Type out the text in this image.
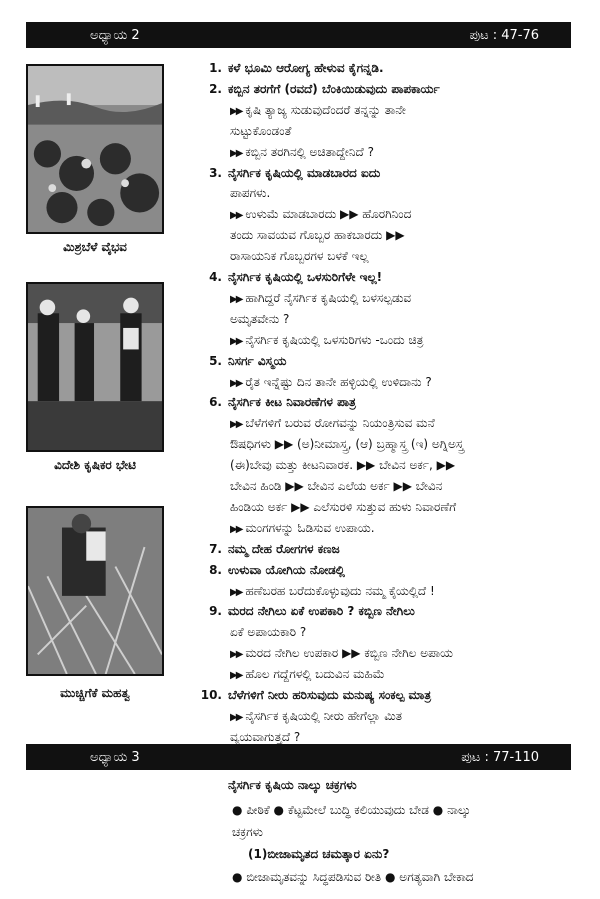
ಅಧ್ಯಾಯ 2	ಪುಟ : 47-76
ಮಿಶ್ರಬೆಳೆ ವೈಭವ
ವಿದೇಶಿ ಕೃಷಿಕರ ಭೇಟಿ
ಮುಚ್ಚಿಗೆಕೆ ಮಹತ್ವ
1. ಕಳೆ ಭೂಮಿ ಆರೋಗ್ಯ ಹೇಳುವ ಕೈಗನ್ನಡಿ.
2. ಕಬ್ಬಿನ ತರಗೆಗೆ (ರವದೆ) ಬೆಂಕಿಯಿಡುವುದು ಪಾಪಕಾರ್ಯ
▶▶ ಕೃಷಿ ತ್ಯಾಜ್ಯ ಸುಡುವುದೆಂದರೆ ತನ್ನನ್ನು ತಾನೇ
ಸುಟ್ಟುಕೊಂಡಂತೆ
▶▶ ಕಬ್ಬಿನ ತರಗಿನಲ್ಲಿ ಅಚಿತಾದ್ದೇನಿದೆ ?
3. ನೈಸರ್ಗಿಕ ಕೃಷಿಯಲ್ಲಿ ಮಾಡಬಾರದ ಐದು
ಪಾಪಗಳು.
▶▶ ಉಳುಮೆ ಮಾಡಬಾರದು ▶▶ ಹೊರಗಿನಿಂದ
ತಂದು ಸಾವಯವ ಗೊಬ್ಬರ ಹಾಕಬಾರದು ▶▶
ರಾಸಾಯನಿಕ ಗೊಬ್ಬರಗಳ ಬಳಕೆ ಇಲ್ಲ
4. ನೈಸರ್ಗಿಕ ಕೃಷಿಯಲ್ಲಿ ಒಳಸುರಿಗೆಳೇ ಇಲ್ಲ!
▶▶ ಹಾಗಿದ್ದರೆ ನೈಸರ್ಗಿಕ ಕೃಷಿಯಲ್ಲಿ ಬಳಸಲ್ಪಡುವ
ಅಮೃತವೇನು ?
▶▶ ನೈಸರ್ಗಿಕ ಕೃಷಿಯಲ್ಲಿ ಒಳಸುರಿಗಳು -ಒಂದು ಚಿತ್ರ
5. ನಿಸರ್ಗ ವಿಸ್ಮಯ
▶▶ ರೈತ ಇನ್ನೆಷ್ಟು ದಿನ ತಾನೇ ಹಳ್ಳಿಯಲ್ಲಿ ಉಳಿದಾನು ?
6. ನೈಸರ್ಗಿಕ ಕೀಟ ನಿವಾರಣೆಗಳ ಪಾತ್ರ
▶▶ ಬೆಳೆಗಳಿಗೆ ಬರುವ ರೋಗವನ್ನು ನಿಯಂತ್ರಿಸುವ ಮನೆ
ಔಷಧಿಗಳು ▶▶ (ಅ)ನೀಮಾಸ್ತ್ರ, (ಆ) ಬ್ರಹ್ಮಾಸ್ತ್ರ (ಇ) ಅಗ್ನಿಅಸ್ತ್ರ
(ಈ)ಬೇವು ಮತ್ತು ಕೀಟನಿವಾರಕ. ▶▶ ಬೇವಿನ ಅರ್ಕ, ▶▶
ಬೇವಿನ ಹಿಂಡಿ ▶▶ ಬೇವಿನ ಎಲೆಯ ಅರ್ಕ ▶▶ ಬೇವಿನ
ಹಿಂಡಿಯ ಅರ್ಕ ▶▶ ಎಲೆಸುರಳಿ ಸುತ್ತುವ ಹುಳು ನಿವಾರಣೆಗೆ
▶▶ ಮಂಗಗಳನ್ನು ಓಡಿಸುವ ಉಪಾಯ.
7. ನಮ್ಮ ದೇಹ ರೋಗಗಳ ಕಣಜ
8. ಉಳುವಾ ಯೋಗಿಯ ನೋಡಲ್ಲಿ
▶▶ ಹಣೆಬರಹ ಬರೆದುಕೊಳ್ಳುವುದು ನಮ್ಮ ಕೈಯಲ್ಲಿದೆ !
9. ಮರದ ನೇಗಿಲು ಏಕೆ ಉಪಕಾರಿ ? ಕಬ್ಬಿಣ ನೇಗಿಲು
ಏಕೆ ಅಪಾಯಕಾರಿ ?
▶▶ ಮರದ ನೇಗಿಲ ಉಪಕಾರ ▶▶ ಕಬ್ಬಿಣ ನೇಗಿಲ ಅಪಾಯ
▶▶ ಹೊಲ ಗದ್ದೆಗಳಲ್ಲಿ ಬದುವಿನ ಮಹಿಮೆ
10. ಬೆಳೆಗಳಿಗೆ ನೀರು ಹರಿಸುವುದು ಮನುಷ್ಯ ಸಂಕಲ್ಪ ಮಾತ್ರ
▶▶ ನೈಸರ್ಗಿಕ ಕೃಷಿಯಲ್ಲಿ ನೀರು ಹೇಗೆಲ್ಲಾ ಮಿತ
ವ್ಯಯವಾಗುತ್ತದೆ ?
ಅಧ್ಯಾಯ 3	ಪುಟ : 77-110
ನೈಸರ್ಗಿಕ ಕೃಷಿಯ ನಾಲ್ಕು ಚಕ್ರಗಳು
● ಪೀಠಿಕೆ ● ಕೆಟ್ಟಮೇಲೆ ಬುದ್ಧಿ ಕಲಿಯುವುದು ಬೇಡ ● ನಾಲ್ಕು
ಚಕ್ರಗಳು
(1)ಬೀಜಾಮೃತದ ಚಮತ್ಕಾರ ಏನು?
● ಬೀಜಾಮೃತವನ್ನು ಸಿದ್ಧಪಡಿಸುವ ರೀತಿ ● ಅಗತ್ಯವಾಗಿ ಬೇಕಾದ
